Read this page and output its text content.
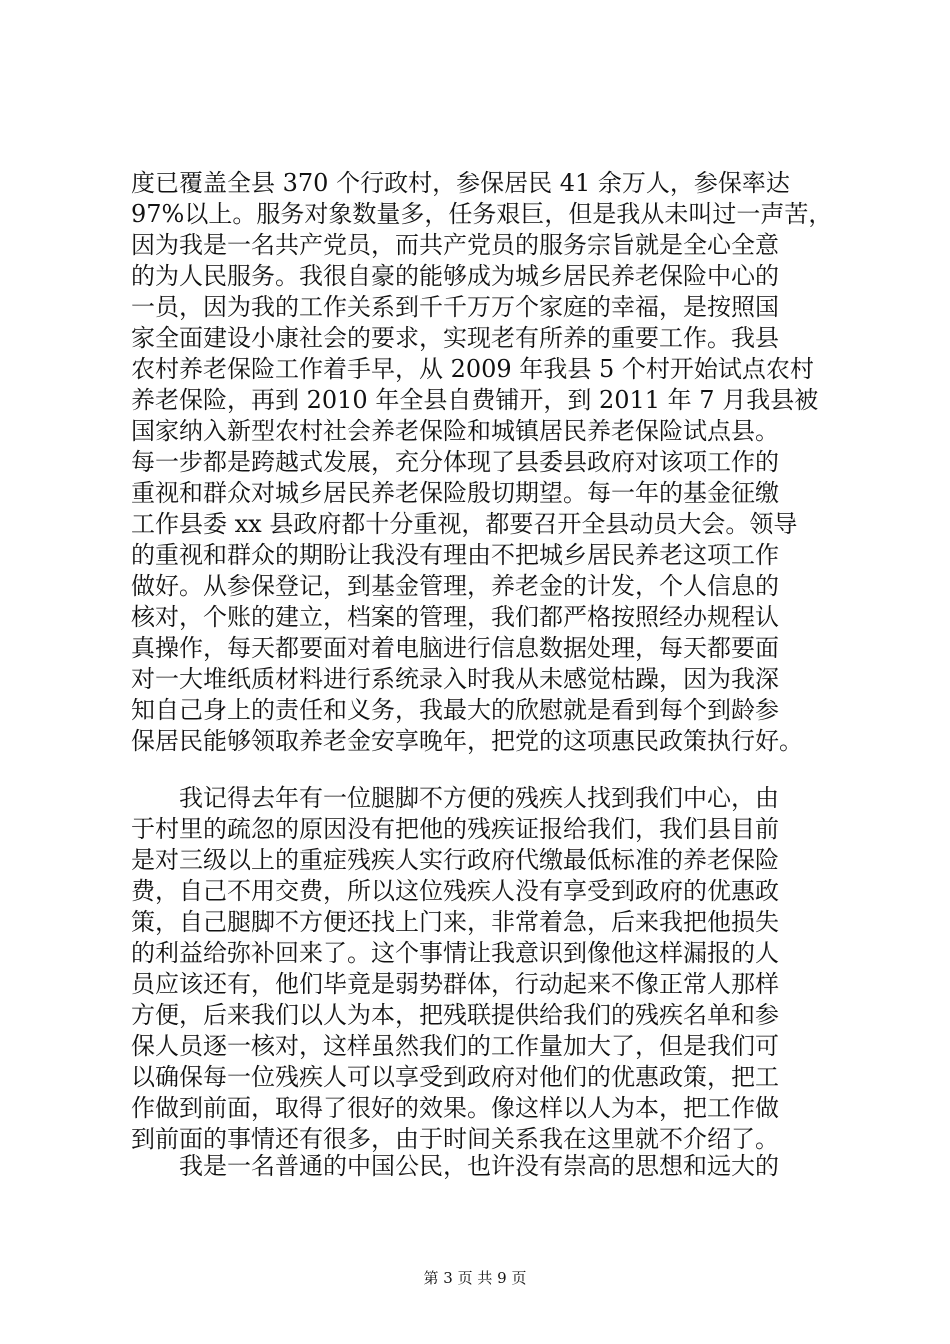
度已覆盖全县 370 个行政村，参保居民 41 余万人，参保率达
97%以上。服务对象数量多，任务艰巨，但是我从未叫过一声苦，
因为我是一名共产党员，而共产党员的服务宗旨就是全心全意
的为人民服务。我很自豪的能够成为城乡居民养老保险中心的
一员，因为我的工作关系到千千万万个家庭的幸福，是按照国
家全面建设小康社会的要求，实现老有所养的重要工作。我县
农村养老保险工作着手早，从 2009 年我县 5 个村开始试点农村
养老保险，再到 2010 年全县自费铺开，到 2011 年 7 月我县被
国家纳入新型农村社会养老保险和城镇居民养老保险试点县。
每一步都是跨越式发展，充分体现了县委县政府对该项工作的
重视和群众对城乡居民养老保险殷切期望。每一年的基金征缴
工作县委 xx 县政府都十分重视，都要召开全县动员大会。领导
的重视和群众的期盼让我没有理由不把城乡居民养老这项工作
做好。从参保登记，到基金管理，养老金的计发，个人信息的
核对，个账的建立，档案的管理，我们都严格按照经办规程认
真操作，每天都要面对着电脑进行信息数据处理，每天都要面
对一大堆纸质材料进行系统录入时我从未感觉枯躁，因为我深
知自己身上的责任和义务，我最大的欣慰就是看到每个到龄参
保居民能够领取养老金安享晚年，把党的这项惠民政策执行好。
我记得去年有一位腿脚不方便的残疾人找到我们中心，由
于村里的疏忽的原因没有把他的残疾证报给我们，我们县目前
是对三级以上的重症残疾人实行政府代缴最低标准的养老保险
费，自己不用交费，所以这位残疾人没有享受到政府的优惠政
策，自己腿脚不方便还找上门来，非常着急，后来我把他损失
的利益给弥补回来了。这个事情让我意识到像他这样漏报的人
员应该还有，他们毕竟是弱势群体，行动起来不像正常人那样
方便，后来我们以人为本，把残联提供给我们的残疾名单和参
保人员逐一核对，这样虽然我们的工作量加大了，但是我们可
以确保每一位残疾人可以享受到政府对他们的优惠政策，把工
作做到前面，取得了很好的效果。像这样以人为本，把工作做
到前面的事情还有很多，由于时间关系我在这里就不介绍了。
我是一名普通的中国公民，也许没有崇高的思想和远大的
第 3 页 共 9 页
